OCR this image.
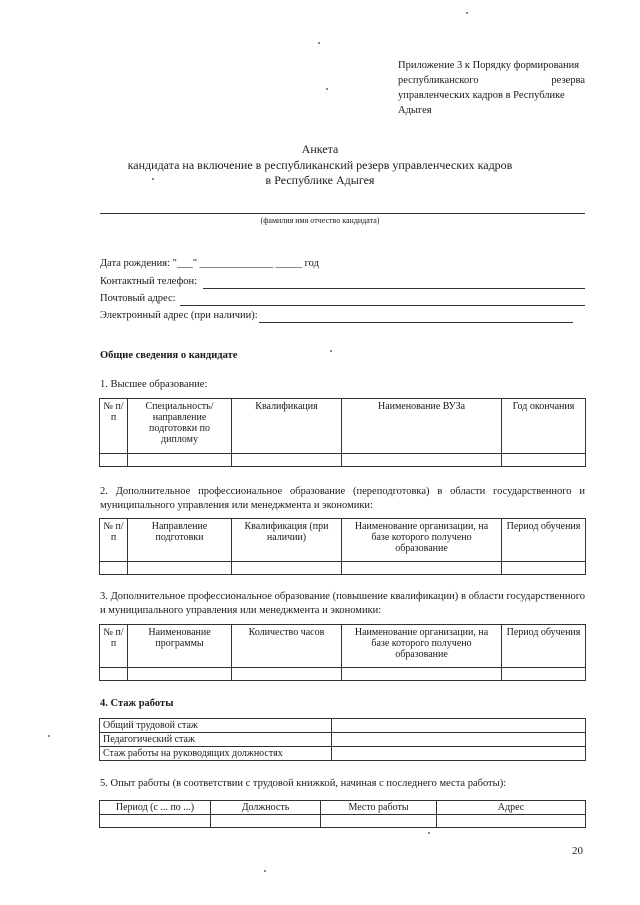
Приложение 3 к Порядку формирования
республиканского	резерва
управленческих кадров в Республике
Адыгея
Анкета
кандидата на включение в республиканский резерв управленческих кадров
в Республике Адыгея
(фамилия имя отчество кандидата)
Дата рождения: "___" ______________ _____ год
Контактный телефон:
Почтовый адрес:
Электронный адрес (при наличии):
Общие сведения о кандидате
1. Высшее образование:
№ п/п	Специальность/ направление подготовки по диплому	Квалификация	Наименование ВУЗа	Год окончания

2. Дополнительное профессиональное образование (переподготовка) в области государственного и муниципального управления или менеджмента и экономики:
№ п/п	Направление подготовки	Квалификация (при наличии)	Наименование организации, на базе которого получено образование	Период обучения

3. Дополнительное профессиональное образование (повышение квалификации) в области государственного и муниципального управления или менеджмента и экономики:
№ п/п	Наименование программы	Количество часов	Наименование организации, на базе которого получено образование	Период обучения

4. Стаж работы
Общий трудовой стаж	
Педагогический стаж	
Стаж работы на руководящих должностях	
5. Опыт работы (в соответствии с трудовой книжкой, начиная с последнего места работы):
Период (с ... по ...)	Должность	Место работы	Адрес

20
